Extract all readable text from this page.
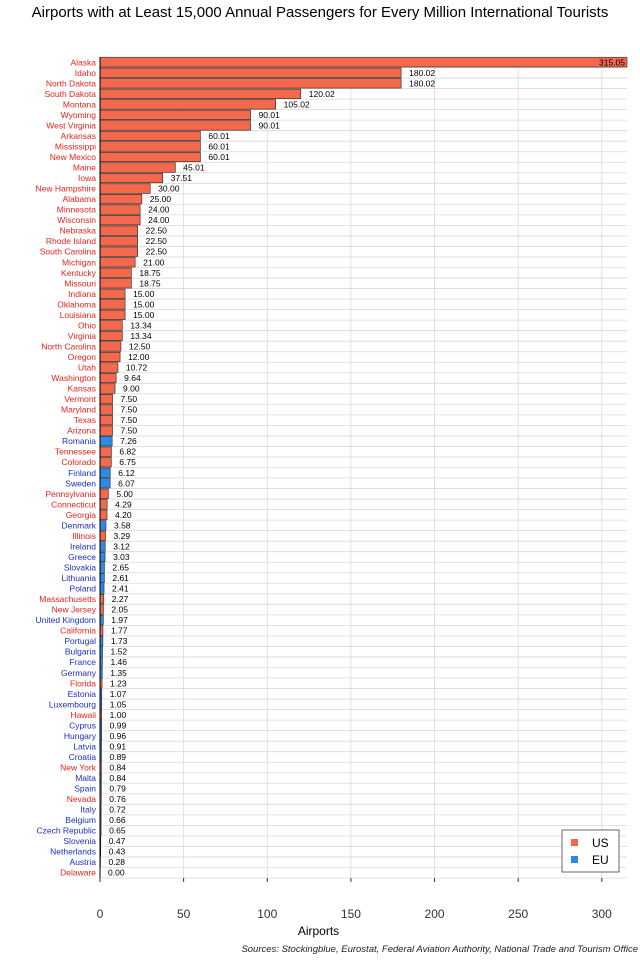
Airports with at Least 15,000 Annual Passengers for Every Million International Tourists
Alaska	315.05
Idaho	180.02
North Dakota	180.02
South Dakota	120.02
Montana	105.02
Wyoming	90.01
West Virginia	90.01
Arkansas	60.01
Mississippi	60.01
New Mexico	60.01
Maine	45.01
Iowa	37.51
New Hampshire	30.00
Alabama	25.00
Minnesota	24.00
Wisconsin	24.00
Nebraska	22.50
Rhode Island	22.50
South Carolina	22.50
Michigan	21.00
Kentucky	18.75
Missouri	18.75
Indiana	15.00
Oklahoma	15.00
Louisiana	15.00
Ohio	13.34
Virginia	13.34
North Carolina	12.50
Oregon	12.00
Utah	10.72
Washington	9.64
Kansas	9.00
Vermont	7.50
Maryland	7.50
Texas	7.50
Arizona	7.50
Romania	7.26
Tennessee	6.82
Colorado	6.75
Finland	6.12
Sweden	6.07
Pennsylvania 5.00
Connecticut 4.29
Georgia 4.20
Denmark 3.58
Illinois 3.29
Ireland 3.12
Greece 3.03
Slovakia 2.65
Lithuania 2.61
Poland 2.41
Massachusetts 2.27
New Jersey 2.05
United Kingdom 1.97
California 1.77
Portugal 1.73
Bulgaria 1.52
France 1.46
Germany 1.35
Florida 1.23
Estonia 1.07
Luxembourg 1.05
Hawaii 1.00
Cyprus 0.99
Hungary 0.96
Latvia 0.91
Croatia 0.89
New York 0.84
Malta 0.84
Spain 0.79
Nevada 0.76
Italy 0.72
Belgium 0.66
Czech Republic 0.65
Slovenia 0.47
Netherlands 0.43
Austria 0.28
Delaware 0.00
0	50	100	150	200	250	300
Airports
US
EU
Sources: Stockingblue, Eurostat, Federal Aviation Authority, National Trade and Tourism Office
